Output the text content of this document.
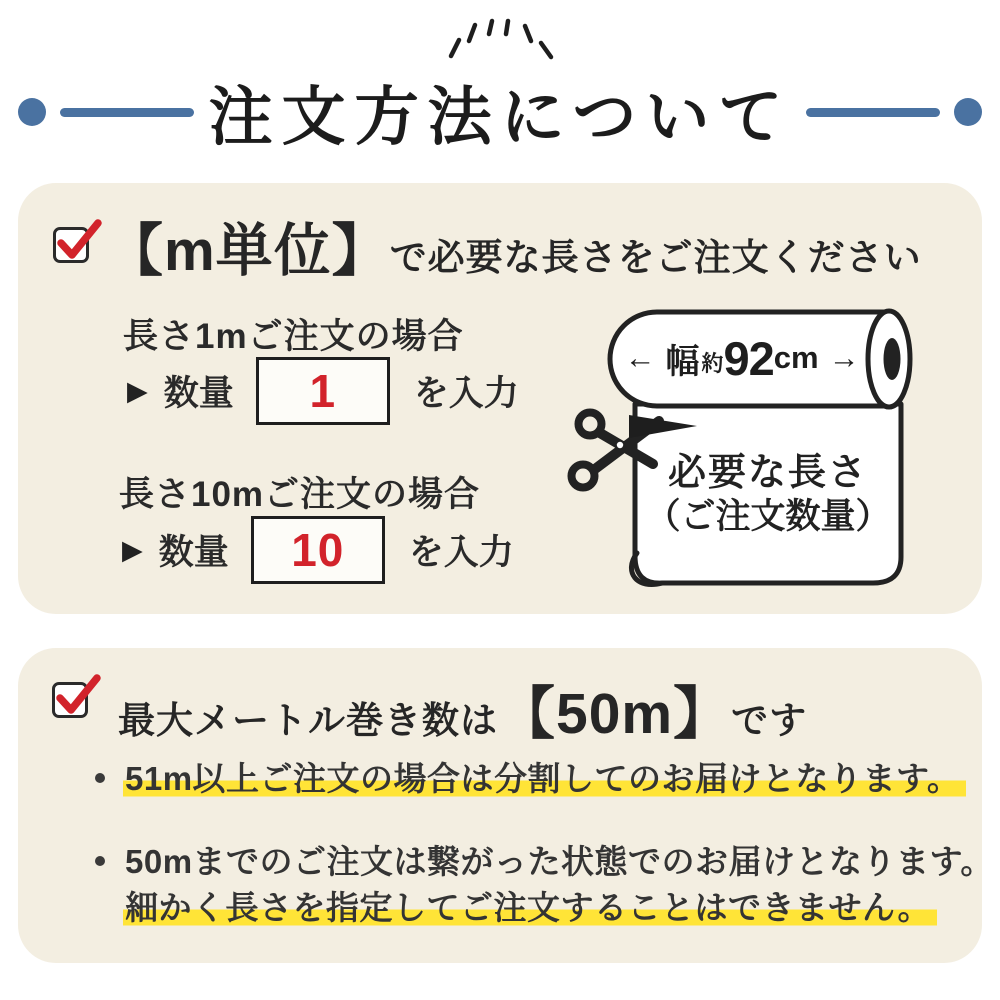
注文方法について
【m単位】 で必要な長さをご注文ください
長さ1mご注文の場合
▶ 数量 1 を入力
長さ10mご注文の場合
▶ 数量 10 を入力
← 幅 約 92 cm →
必要な長さ
（ご注文数量）
最大メートル巻き数は 【50m】 です
51m以上ご注文の場合は分割してのお届けとなります。
50mまでのご注文は繋がった状態でのお届けとなります。
細かく長さを指定してご注文することはできません。
